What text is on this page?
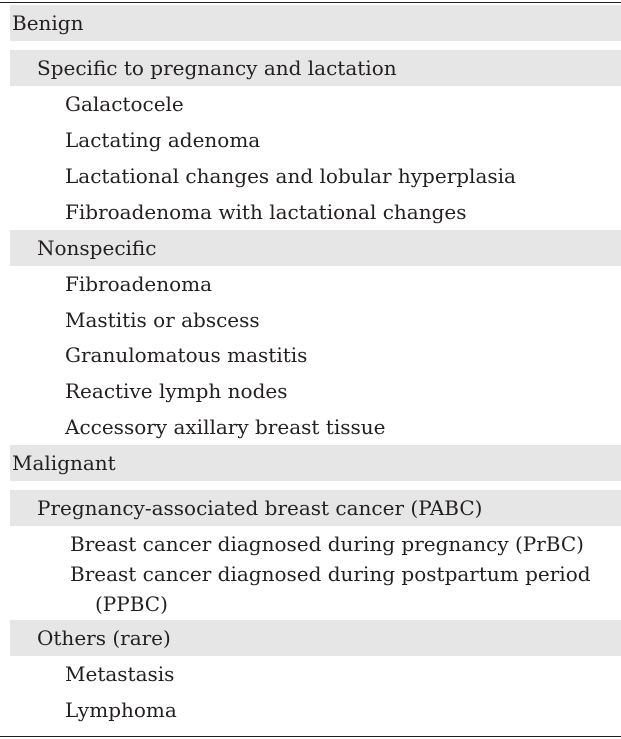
Benign
Specific to pregnancy and lactation
Galactocele
Lactating adenoma
Lactational changes and lobular hyperplasia
Fibroadenoma with lactational changes
Nonspecific
Fibroadenoma
Mastitis or abscess
Granulomatous mastitis
Reactive lymph nodes
Accessory axillary breast tissue
Malignant
Pregnancy-associated breast cancer (PABC)
Breast cancer diagnosed during pregnancy (PrBC)
Breast cancer diagnosed during postpartum period
(PPBC)
Others (rare)
Metastasis
Lymphoma
